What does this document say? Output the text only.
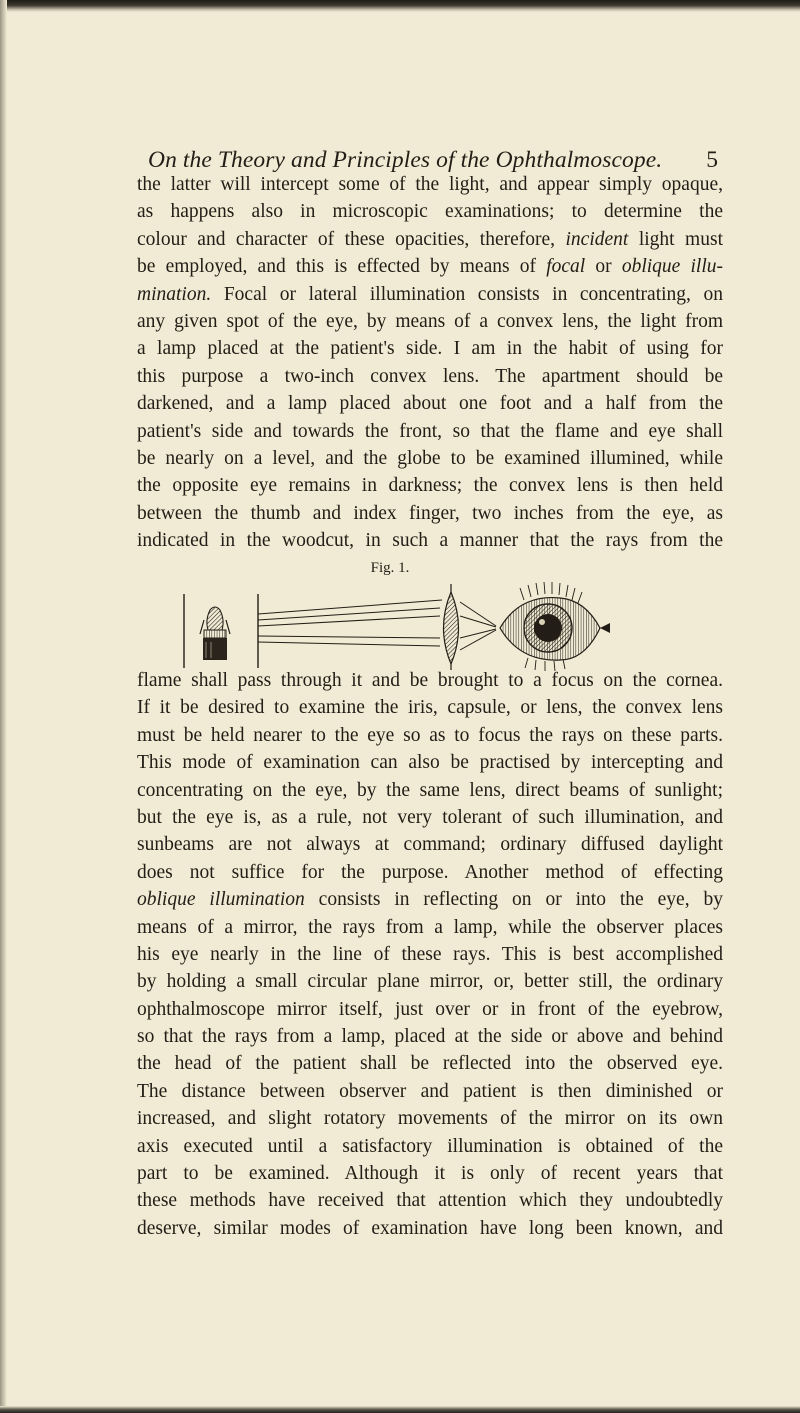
On the Theory and Principles of the Ophthalmoscope. 5
the latter will intercept some of the light, and appear simply opaque,
as happens also in microscopic examinations; to determine the
colour and character of these opacities, therefore, incident light must
be employed, and this is effected by means of focal or oblique illu-
mination. Focal or lateral illumination consists in concentrating, on
any given spot of the eye, by means of a convex lens, the light from
a lamp placed at the patient's side. I am in the habit of using for
this purpose a two-inch convex lens. The apartment should be
darkened, and a lamp placed about one foot and a half from the
patient's side and towards the front, so that the flame and eye shall
be nearly on a level, and the globe to be examined illumined, while
the opposite eye remains in darkness; the convex lens is then held
between the thumb and index finger, two inches from the eye, as
indicated in the woodcut, in such a manner that the rays from the
Fig. 1.
flame shall pass through it and be brought to a focus on the cornea.
If it be desired to examine the iris, capsule, or lens, the convex lens
must be held nearer to the eye so as to focus the rays on these parts.
This mode of examination can also be practised by intercepting and
concentrating on the eye, by the same lens, direct beams of sunlight;
but the eye is, as a rule, not very tolerant of such illumination, and
sunbeams are not always at command; ordinary diffused daylight
does not suffice for the purpose. Another method of effecting
oblique illumination consists in reflecting on or into the eye, by
means of a mirror, the rays from a lamp, while the observer places
his eye nearly in the line of these rays. This is best accomplished
by holding a small circular plane mirror, or, better still, the ordinary
ophthalmoscope mirror itself, just over or in front of the eyebrow,
so that the rays from a lamp, placed at the side or above and behind
the head of the patient shall be reflected into the observed eye.
The distance between observer and patient is then diminished or
increased, and slight rotatory movements of the mirror on its own
axis executed until a satisfactory illumination is obtained of the
part to be examined. Although it is only of recent years that
these methods have received that attention which they undoubtedly
deserve, similar modes of examination have long been known, and
